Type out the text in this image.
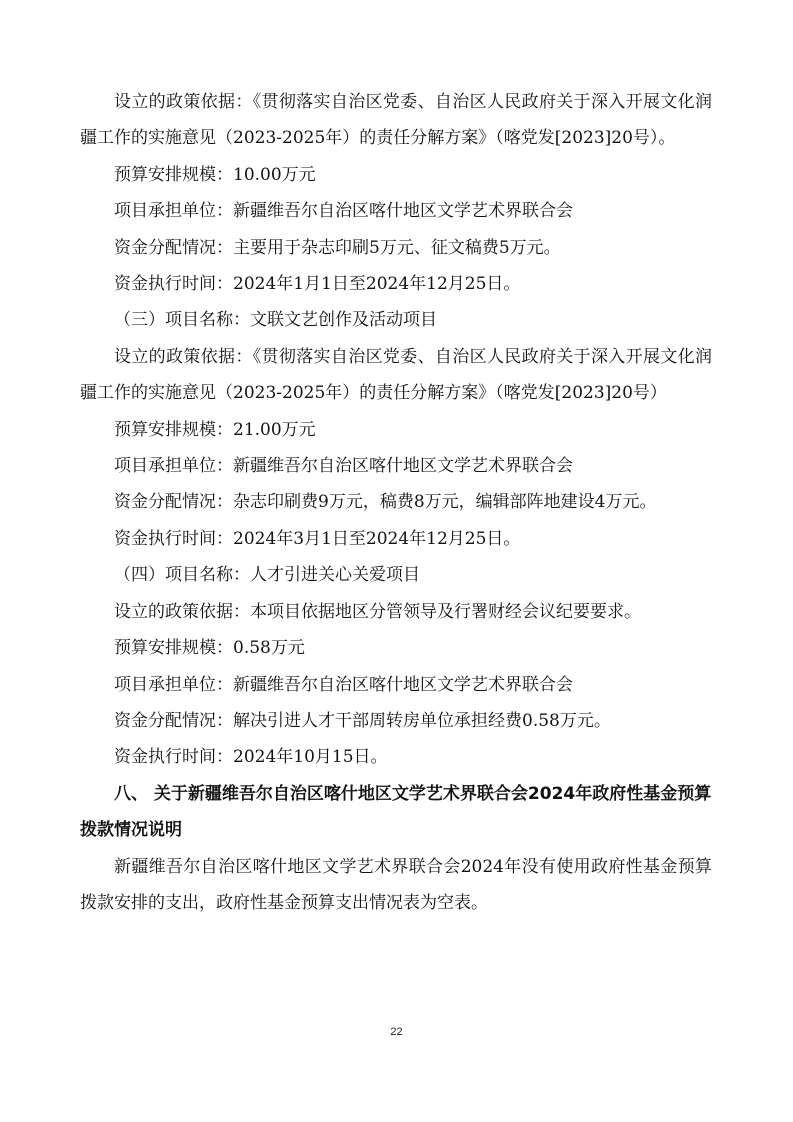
设立的政策依据：《贯彻落实自治区党委、自治区人民政府关于深入开展文化润疆工作的实施意见（2023-2025年）的责任分解方案》（喀党发[2023]20号）。

预算安排规模：10.00万元

项目承担单位：新疆维吾尔自治区喀什地区文学艺术界联合会

资金分配情况：主要用于杂志印刷5万元、征文稿费5万元。

资金执行时间：2024年1月1日至2024年12月25日。

（三）项目名称：文联文艺创作及活动项目

设立的政策依据：《贯彻落实自治区党委、自治区人民政府关于深入开展文化润疆工作的实施意见（2023-2025年）的责任分解方案》（喀党发[2023]20号）

预算安排规模：21.00万元

项目承担单位：新疆维吾尔自治区喀什地区文学艺术界联合会

资金分配情况：杂志印刷费9万元，稿费8万元，编辑部阵地建设4万元。

资金执行时间：2024年3月1日至2024年12月25日。

（四）项目名称：人才引进关心关爱项目

设立的政策依据：本项目依据地区分管领导及行署财经会议纪要要求。

预算安排规模：0.58万元

项目承担单位：新疆维吾尔自治区喀什地区文学艺术界联合会

资金分配情况：解决引进人才干部周转房单位承担经费0.58万元。

资金执行时间：2024年10月15日。

八、 关于新疆维吾尔自治区喀什地区文学艺术界联合会2024年政府性基金预算拨款情况说明

新疆维吾尔自治区喀什地区文学艺术界联合会2024年没有使用政府性基金预算拨款安排的支出，政府性基金预算支出情况表为空表。

22
